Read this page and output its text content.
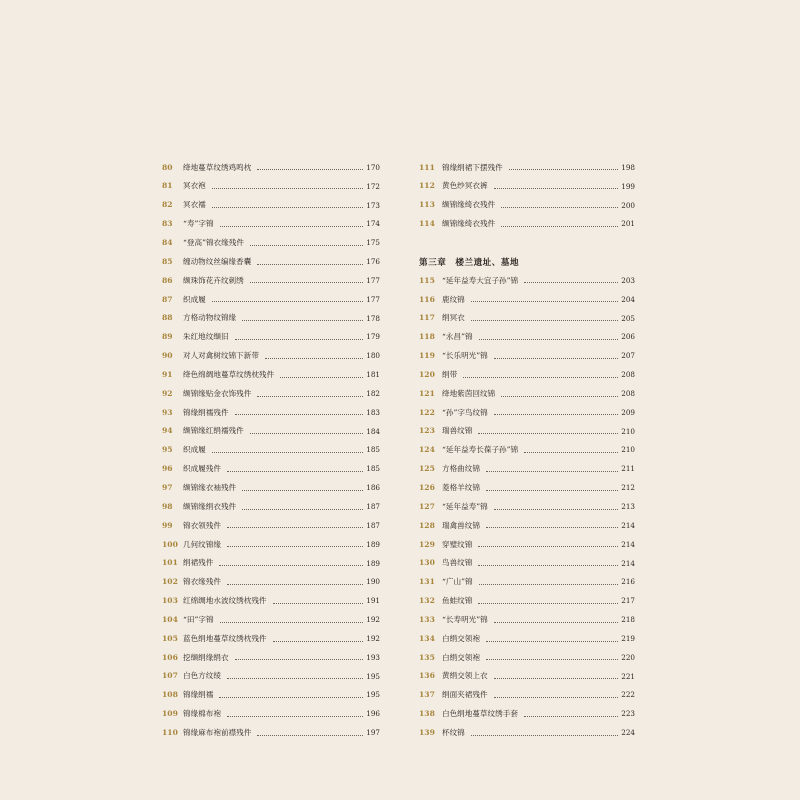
80	绛地蔓草纹绣鸡鸣枕	170
81	冥衣袍	172
82	冥衣襦	173
83	“寿”字锦	174
84	“登高”锦衣缘残件	175
85	缠动物纹丝编缘香囊	176
86	缬珠饰花卉纹刺绣	177
87	织成履	177
88	方格动物纹锦缘	178
89	朱红地纹缬旧	179
90	对人对禽树纹锦下新带	180
91	绛色绵绸地蔓草纹绣枕残件	181
92	缬锦缘贴金衣饰残件	182
93	锦缘绢襦残件	183
94	缬锦缘红绢襦残件	184
95	织成履	185
96	织成履残件	185
97	缬锦缘衣袖残件	186
98	缬锦缘绢衣残件	187
99	锦衣领残件	187
100 几何纹锦缘	189
101 绢裙残件	189
102 锦衣缘残件	190
103 红绵绸地水波纹绣枕残件	191
104 “田”字锦	192
105 蓝色绢地蔓草纹绣枕残件	192
106 挖缬绢缘绢衣	193
107 白色方纹绫	195
108 锦缘绢襦	195
109 锦缘棉布袍	196
110 锦缘麻布袍前襟残件	197
111 锦缘绢裙下摆残件	198
112 黄色纱冥衣裤	199
113 缬锦缘绮衣残件	200
114 缬锦缘绮衣残件	201
第三章　楼兰遗址、墓地
115 “延年益寿大宜子孙”锦	203
116 鹿纹锦	204
117 绢冥衣	205
118 “永昌”锦	206
119 “长乐明光”锦	207
120 绢带	208
121 绛地紫茵回纹锦	208
122 “孙”字鸟纹锦	209
123 瑞兽纹锦	210
124 “延年益寿长葆子孙”锦	210
125 方格曲纹锦	211
126 菱格羊纹锦	212
127 “延年益寿”锦	213
128 瑞禽兽纹锦	214
129 穿璧纹锦	214
130 鸟兽纹锦	214
131 “广山”锦	216
132 鱼蛙纹锦	217
133 “长寿明光”锦	218
134 白绢交领袍	219
135 白绢交领袍	220
136 黄绢交领上衣	221
137 绢面夹裙残件	222
138 白色绢地蔓草纹绣手套	223
139 杯纹锦	224
